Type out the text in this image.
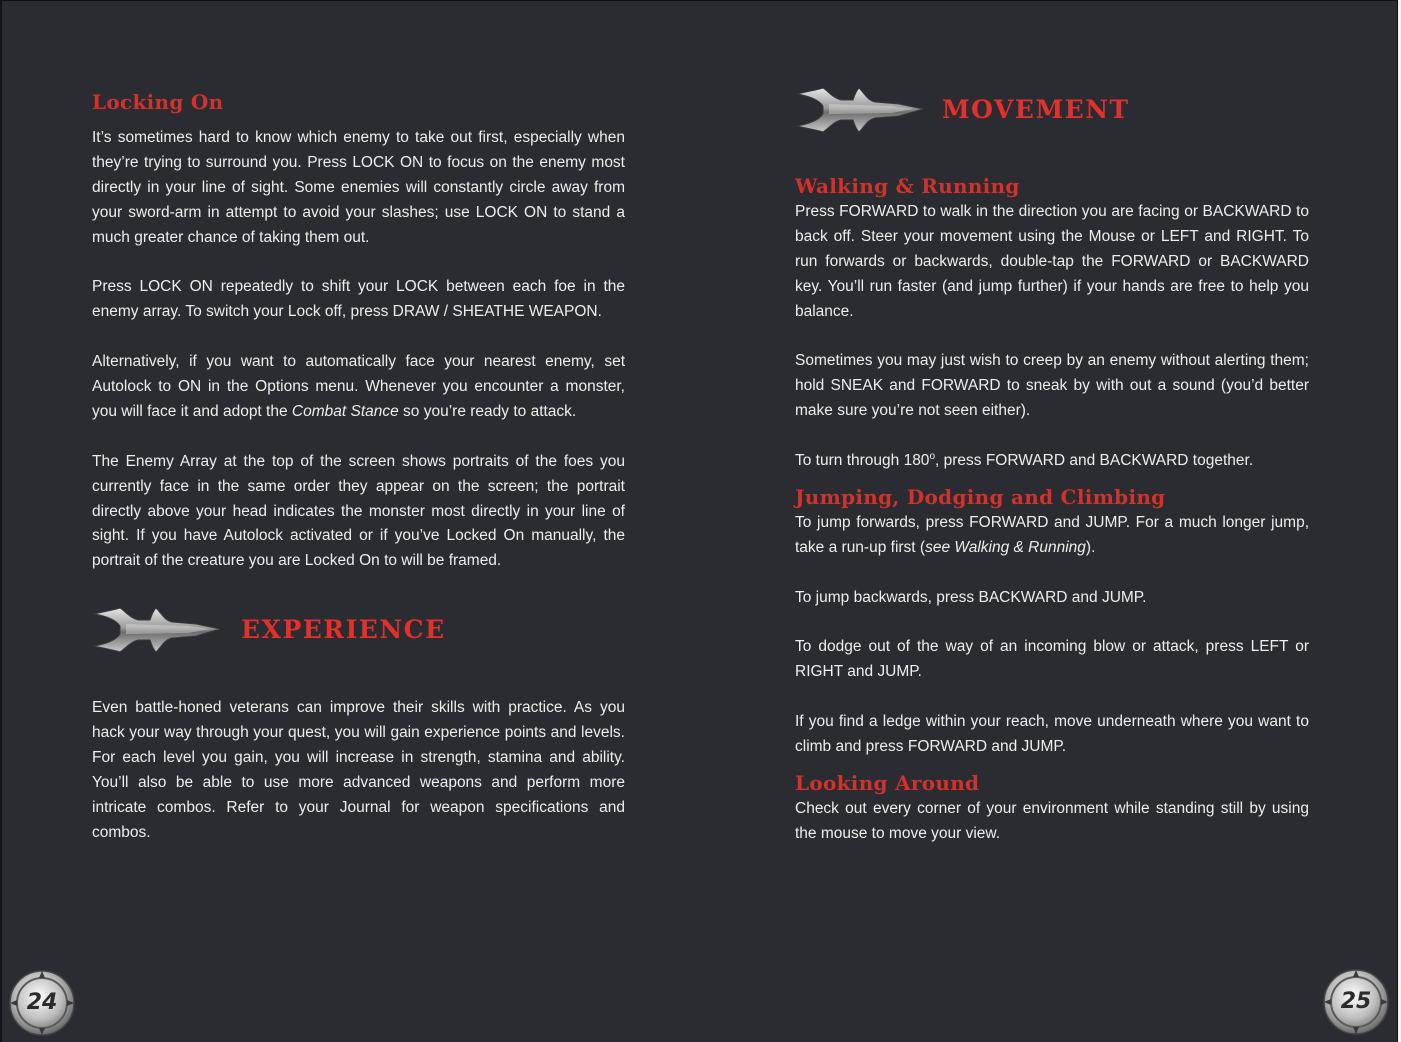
Locking On

It’s sometimes hard to know which enemy to take out first, especially when they’re trying to surround you. Press LOCK ON to focus on the enemy most directly in your line of sight. Some enemies will constantly circle away from your sword-arm in attempt to avoid your slashes; use LOCK ON to stand a much greater chance of taking them out.

Press LOCK ON repeatedly to shift your LOCK between each foe in the enemy array. To switch your Lock off, press DRAW / SHEATHE WEAPON.

Alternatively, if you want to automatically face your nearest enemy, set Autolock to ON in the Options menu. Whenever you encounter a monster, you will face it and adopt the Combat Stance so you’re ready to attack.

The Enemy Array at the top of the screen shows portraits of the foes you currently face in the same order they appear on the screen; the portrait directly above your head indicates the monster most directly in your line of sight. If you have Autolock activated or if you’ve Locked On manually, the portrait of the creature you are Locked On to will be framed.

EXPERIENCE

Even battle-honed veterans can improve their skills with practice. As you hack your way through your quest, you will gain experience points and levels. For each level you gain, you will increase in strength, stamina and ability. You’ll also be able to use more advanced weapons and perform more intricate combos. Refer to your Journal for weapon specifications and combos.

MOVEMENT
Walking & Running

Press FORWARD to walk in the direction you are facing or BACKWARD to back off. Steer your movement using the Mouse or LEFT and RIGHT. To run forwards or backwards, double-tap the FORWARD or BACKWARD key. You’ll run faster (and jump further) if your hands are free to help you balance.

Sometimes you may just wish to creep by an enemy without alerting them; hold SNEAK and FORWARD to sneak by with out a sound (you’d better make sure you’re not seen either).

To turn through 180$^o$, press FORWARD and BACKWARD together.

Jumping, Dodging and Climbing

To jump forwards, press FORWARD and JUMP. For a much longer jump, take a run-up first (see Walking & Running).

To jump backwards, press BACKWARD and JUMP.

To dodge out of the way of an incoming blow or attack, press LEFT or RIGHT and JUMP.

If you find a ledge within your reach, move underneath where you want to climb and press FORWARD and JUMP.

Looking Around

Check out every corner of your environment while standing still by using the mouse to move your view.

24	25
